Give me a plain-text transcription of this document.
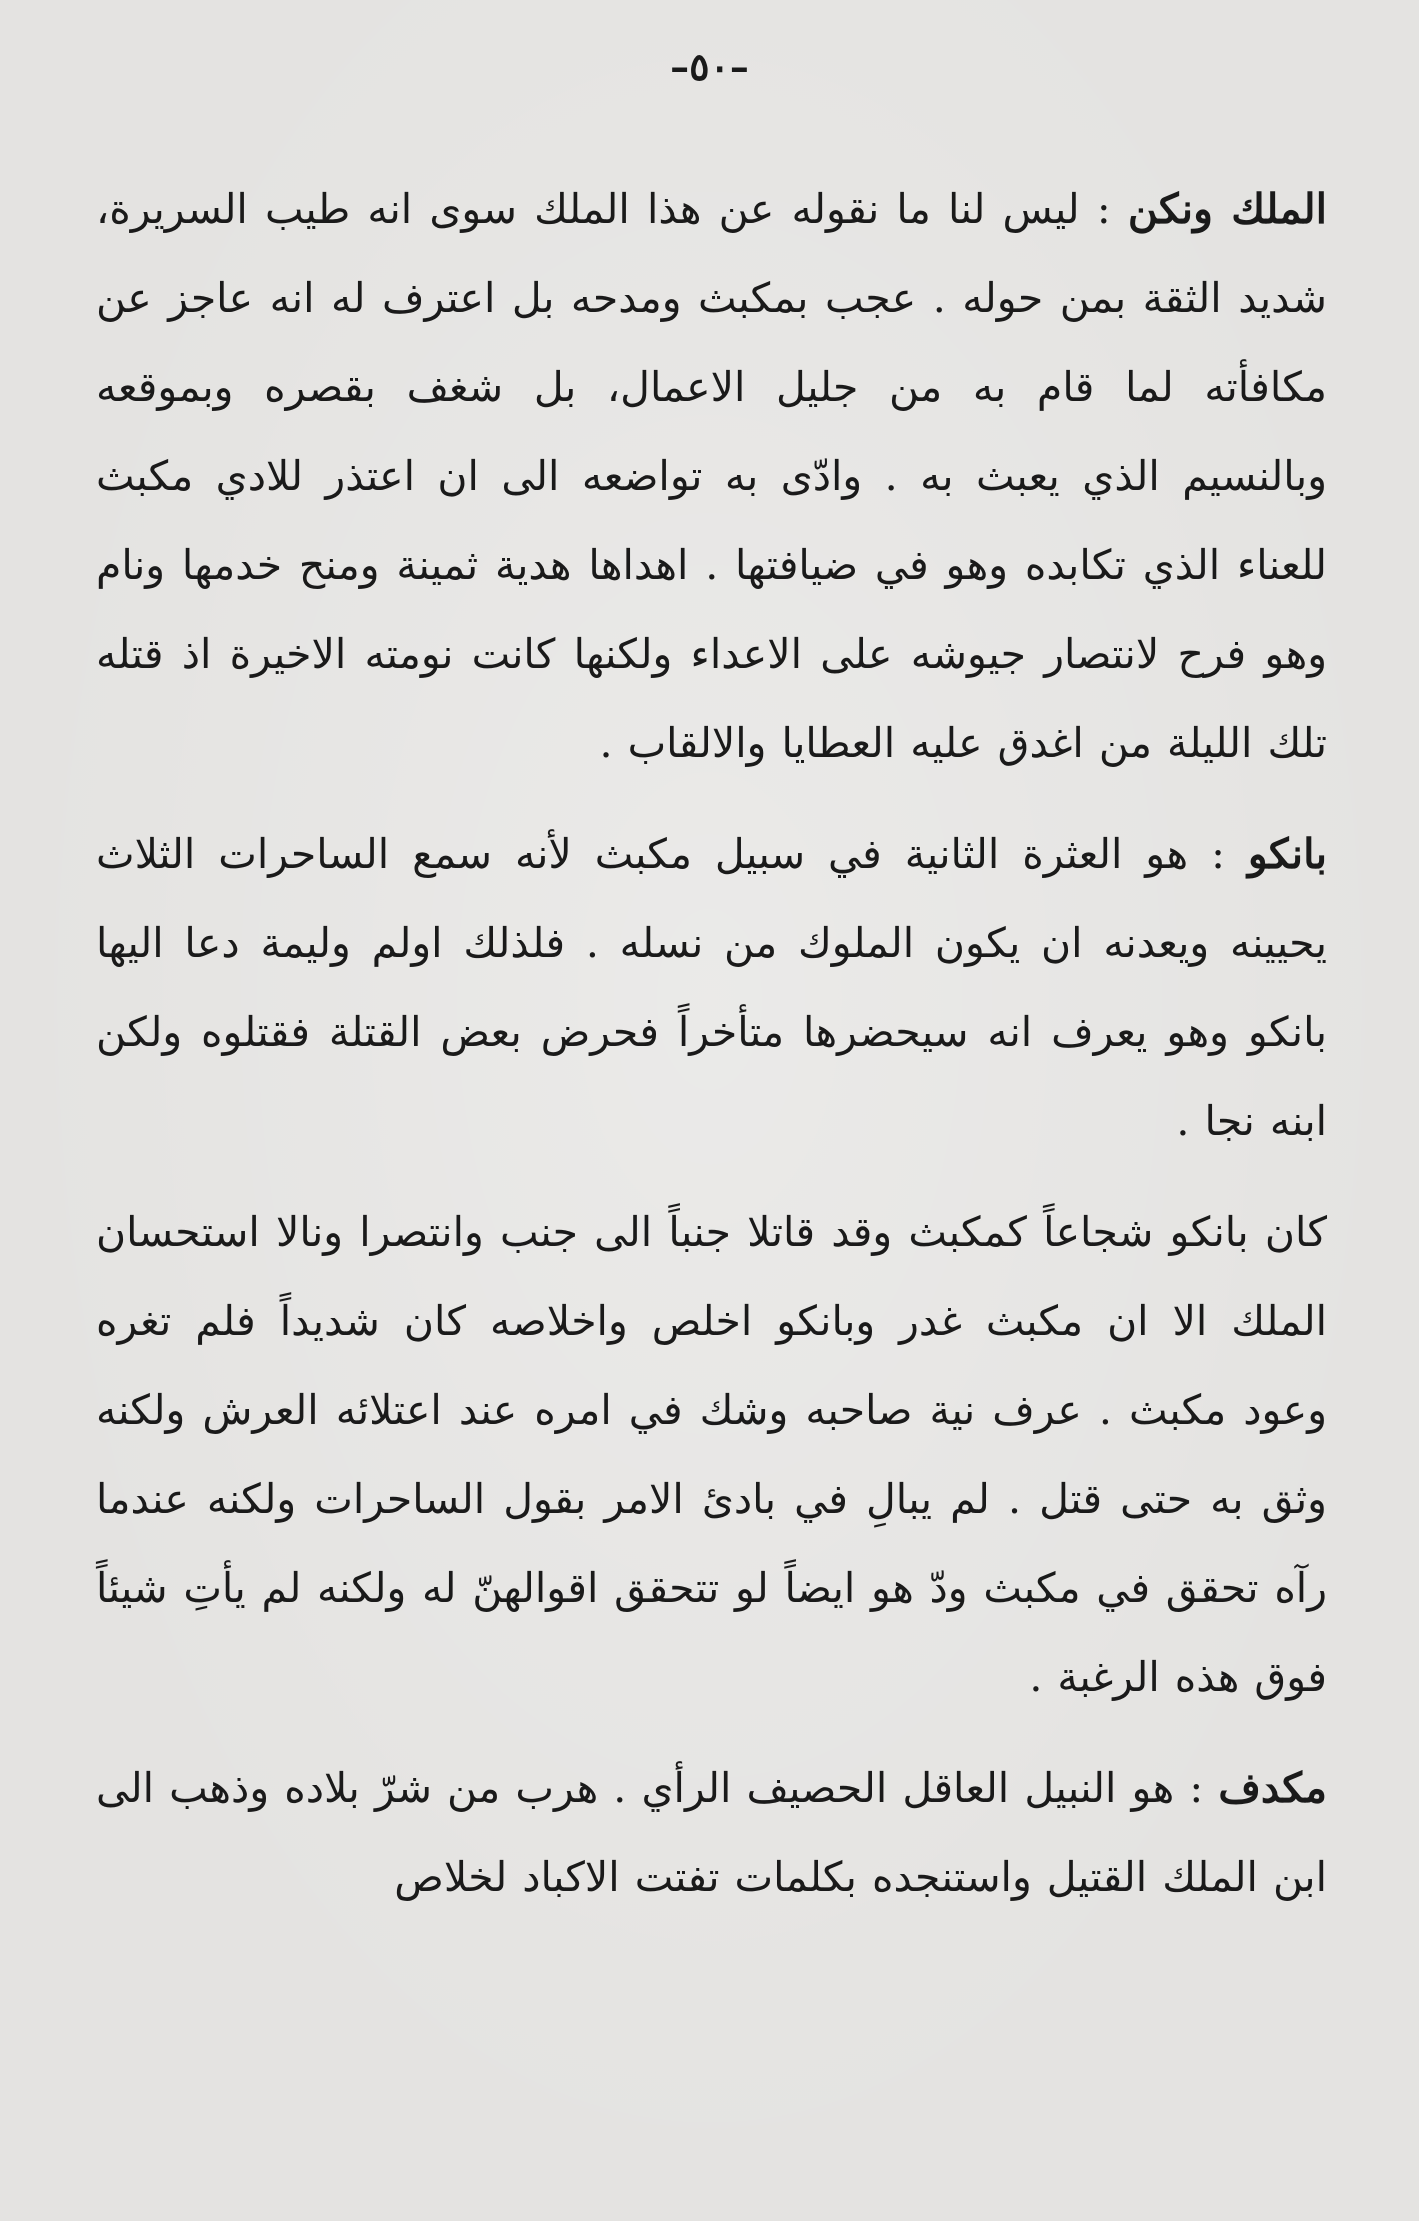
–٥٠–

الملك ونكن : ليس لنا ما نقوله عن هذا الملك سوى انه طيب السريرة، شديد الثقة بمن حوله . عجب بمكبث ومدحه بل اعترف له انه عاجز عن مكافأته لما قام به من جليل الاعمال، بل شغف بقصره وبموقعه وبالنسيم الذي يعبث به . وادّى به تواضعه الى ان اعتذر للادي مكبث للعناء الذي تكابده وهو في ضيافتها . اهداها هدية ثمينة ومنح خدمها ونام وهو فرح لانتصار جيوشه على الاعداء ولكنها كانت نومته الاخيرة اذ قتله تلك الليلة من اغدق عليه العطايا والالقاب .

بانكو : هو العثرة الثانية في سبيل مكبث لأنه سمع الساحرات الثلاث يحيينه ويعدنه ان يكون الملوك من نسله . فلذلك اولم وليمة دعا اليها بانكو وهو يعرف انه سيحضرها متأخراً فحرض بعض القتلة فقتلوه ولكن ابنه نجا .

كان بانكو شجاعاً كمكبث وقد قاتلا جنباً الى جنب وانتصرا ونالا استحسان الملك الا ان مكبث غدر وبانكو اخلص واخلاصه كان شديداً فلم تغره وعود مكبث . عرف نية صاحبه وشك في امره عند اعتلائه العرش ولكنه وثق به حتى قتل . لم يبالِ في بادئ الامر بقول الساحرات ولكنه عندما رآه تحقق في مكبث ودّ هو ايضاً لو تتحقق اقوالهنّ له ولكنه لم يأتِ شيئاً فوق هذه الرغبة .

مكدف : هو النبيل العاقل الحصيف الرأي . هرب من شرّ بلاده وذهب الى ابن الملك القتيل واستنجده بكلمات تفتت الاكباد لخلاص
